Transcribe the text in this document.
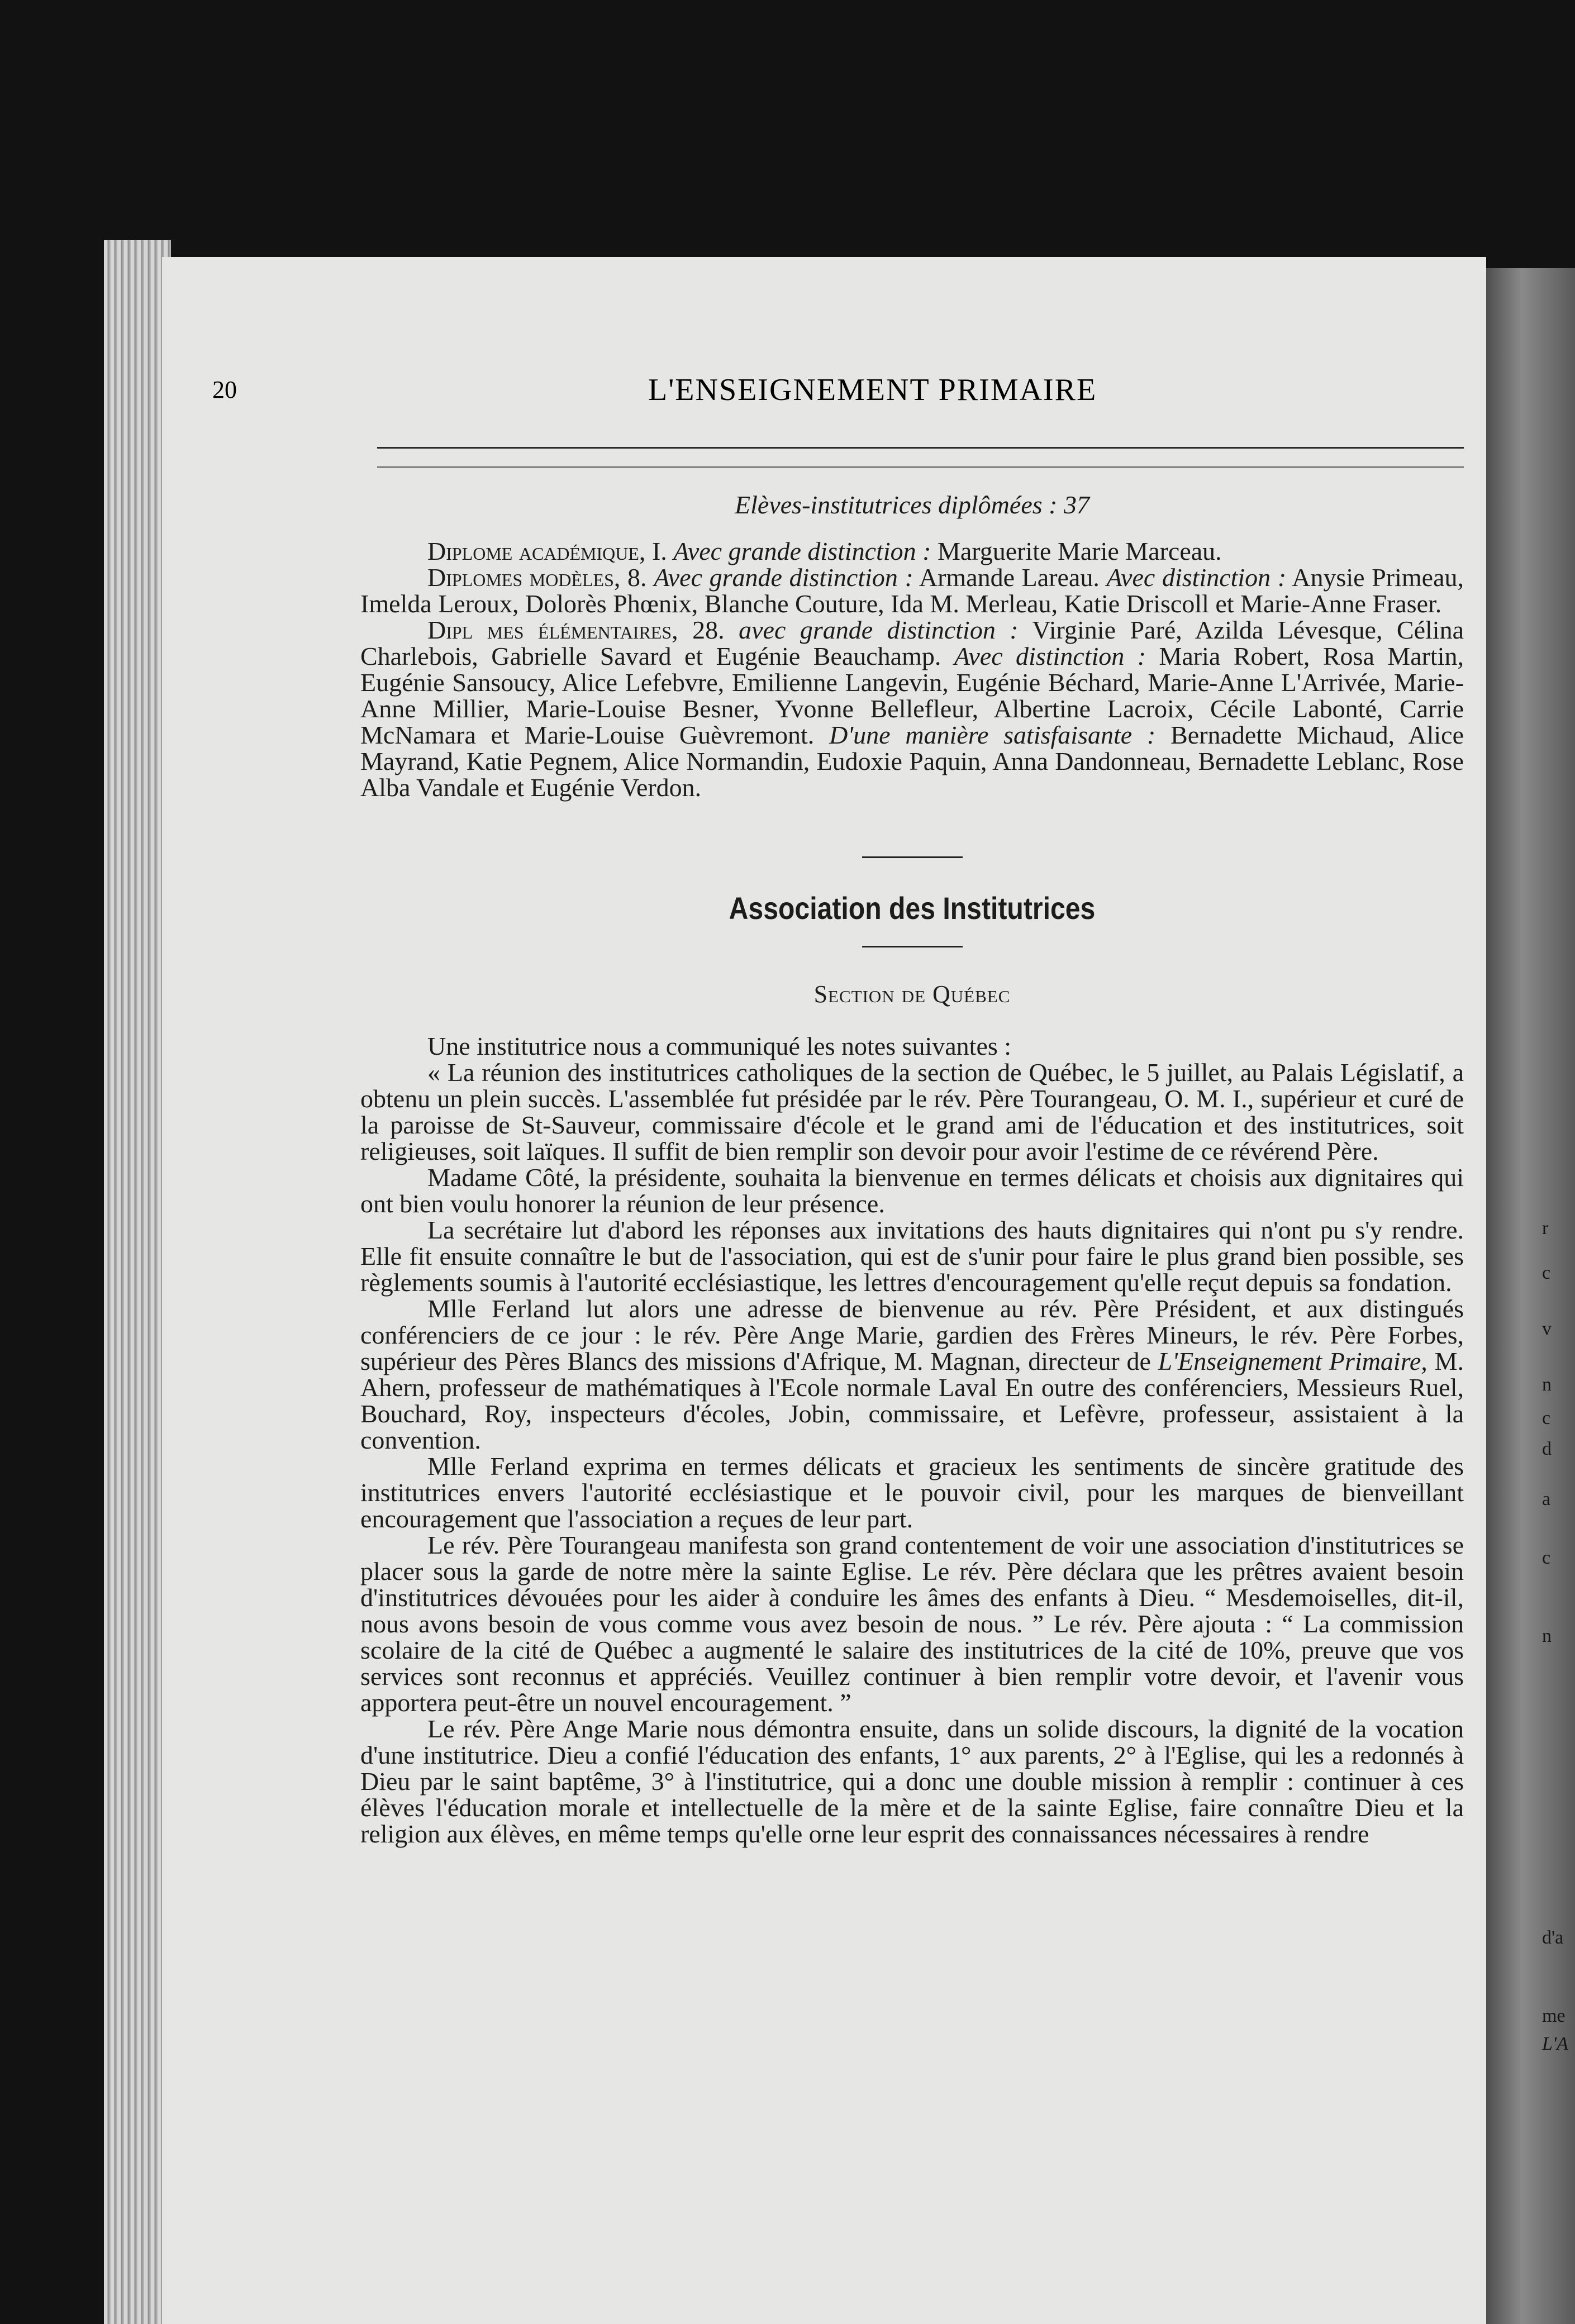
r
c
v
n
c
d
a
c
n
d'a
me
L'A
20	L'ENSEIGNEMENT PRIMAIRE
Elèves-institutrices diplômées : 37

Diplome académique, I. Avec grande distinction : Marguerite Marie Marceau.

Diplomes modèles, 8. Avec grande distinction : Armande Lareau. Avec distinction : Anysie Primeau, Imelda Leroux, Dolorès Phœnix, Blanche Couture, Ida M. Merleau, Katie Driscoll et Marie-Anne Fraser.

Dipl mes élémentaires, 28. avec grande distinction : Virginie Paré, Azilda Lévesque, Célina Charlebois, Gabrielle Savard et Eugénie Beauchamp. Avec distinction : Maria Robert, Rosa Martin, Eugénie Sansoucy, Alice Lefebvre, Emilienne Langevin, Eugénie Béchard, Marie-Anne L'Arrivée, Marie-Anne Millier, Marie-Louise Besner, Yvonne Bellefleur, Albertine Lacroix, Cécile Labonté, Carrie McNamara et Marie-Louise Guèvremont. D'une manière satisfaisante : Bernadette Michaud, Alice Mayrand, Katie Pegnem, Alice Normandin, Eudoxie Paquin, Anna Dandonneau, Bernadette Leblanc, Rose Alba Vandale et Eugénie Verdon.

Association des Institutrices
Section de Québec

Une institutrice nous a communiqué les notes suivantes :

« La réunion des institutrices catholiques de la section de Québec, le 5 juillet, au Palais Législatif, a obtenu un plein succès. L'assemblée fut présidée par le rév. Père Tourangeau, O. M. I., supérieur et curé de la paroisse de St-Sauveur, commissaire d'école et le grand ami de l'éducation et des institutrices, soit religieuses, soit laïques. Il suffit de bien remplir son devoir pour avoir l'estime de ce révérend Père.

Madame Côté, la présidente, souhaita la bienvenue en termes délicats et choisis aux dignitaires qui ont bien voulu honorer la réunion de leur présence.

La secrétaire lut d'abord les réponses aux invitations des hauts dignitaires qui n'ont pu s'y rendre. Elle fit ensuite connaître le but de l'association, qui est de s'unir pour faire le plus grand bien possible, ses règlements soumis à l'autorité ecclésiastique, les lettres d'encouragement qu'elle reçut depuis sa fondation.

Mlle Ferland lut alors une adresse de bienvenue au rév. Père Président, et aux distingués conférenciers de ce jour : le rév. Père Ange Marie, gardien des Frères Mineurs, le rév. Père Forbes, supérieur des Pères Blancs des missions d'Afrique, M. Magnan, directeur de L'Enseignement Primaire, M. Ahern, professeur de mathématiques à l'Ecole normale Laval En outre des conférenciers, Messieurs Ruel, Bouchard, Roy, inspecteurs d'écoles, Jobin, commissaire, et Lefèvre, professeur, assistaient à la convention.

Mlle Ferland exprima en termes délicats et gracieux les sentiments de sincère gratitude des institutrices envers l'autorité ecclésiastique et le pouvoir civil, pour les marques de bienveillant encouragement que l'association a reçues de leur part.

Le rév. Père Tourangeau manifesta son grand contentement de voir une association d'institutrices se placer sous la garde de notre mère la sainte Eglise. Le rév. Père déclara que les prêtres avaient besoin d'institutrices dévouées pour les aider à conduire les âmes des enfants à Dieu. “ Mesdemoiselles, dit-il, nous avons besoin de vous comme vous avez besoin de nous. ” Le rév. Père ajouta : “ La commission scolaire de la cité de Québec a augmenté le salaire des institutrices de la cité de 10%, preuve que vos services sont reconnus et appréciés. Veuillez continuer à bien remplir votre devoir, et l'avenir vous apportera peut-être un nouvel encouragement. ”

Le rév. Père Ange Marie nous démontra ensuite, dans un solide discours, la dignité de la vocation d'une institutrice. Dieu a confié l'éducation des enfants, 1° aux parents, 2° à l'Eglise, qui les a redonnés à Dieu par le saint baptême, 3° à l'institutrice, qui a donc une double mission à remplir : continuer à ces élèves l'éducation morale et intellectuelle de la mère et de la sainte Eglise, faire connaître Dieu et la religion aux élèves, en même temps qu'elle orne leur esprit des connaissances nécessaires à rendre
